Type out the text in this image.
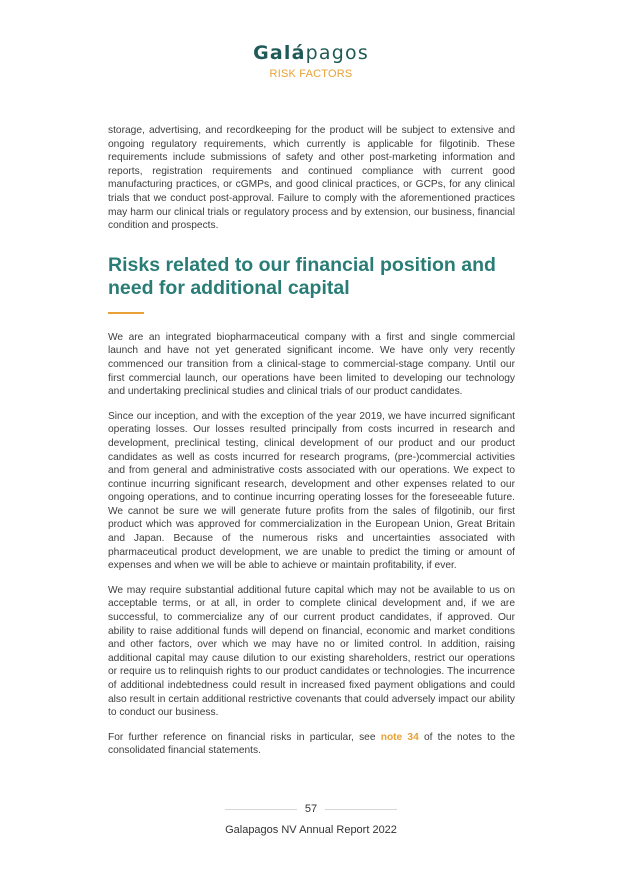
Galápagos
RISK FACTORS

storage, advertising, and recordkeeping for the product will be subject to extensive and ongoing regulatory requirements, which currently is applicable for filgotinib. These requirements include submissions of safety and other post-marketing information and reports, registration requirements and continued compliance with current good manufacturing practices, or cGMPs, and good clinical practices, or GCPs, for any clinical trials that we conduct post-approval. Failure to comply with the aforementioned practices may harm our clinical trials or regulatory process and by extension, our business, financial condition and prospects.

Risks related to our financial position and need for additional capital

We are an integrated biopharmaceutical company with a first and single commercial launch and have not yet generated significant income. We have only very recently commenced our transition from a clinical-stage to commercial-stage company. Until our first commercial launch, our operations have been limited to developing our technology and undertaking preclinical studies and clinical trials of our product candidates.

Since our inception, and with the exception of the year 2019, we have incurred significant operating losses. Our losses resulted principally from costs incurred in research and development, preclinical testing, clinical development of our product and our product candidates as well as costs incurred for research programs, (pre-)commercial activities and from general and administrative costs associated with our operations. We expect to continue incurring significant research, development and other expenses related to our ongoing operations, and to continue incurring operating losses for the foreseeable future. We cannot be sure we will generate future profits from the sales of filgotinib, our first product which was approved for commercialization in the European Union, Great Britain and Japan. Because of the numerous risks and uncertainties associated with pharmaceutical product development, we are unable to predict the timing or amount of expenses and when we will be able to achieve or maintain profitability, if ever.

We may require substantial additional future capital which may not be available to us on acceptable terms, or at all, in order to complete clinical development and, if we are successful, to commercialize any of our current product candidates, if approved. Our ability to raise additional funds will depend on financial, economic and market conditions and other factors, over which we may have no or limited control. In addition, raising additional capital may cause dilution to our existing shareholders, restrict our operations or require us to relinquish rights to our product candidates or technologies. The incurrence of additional indebtedness could result in increased fixed payment obligations and could also result in certain additional restrictive covenants that could adversely impact our ability to conduct our business.

For further reference on financial risks in particular, see note 34 of the notes to the consolidated financial statements.

57
Galapagos NV Annual Report 2022
